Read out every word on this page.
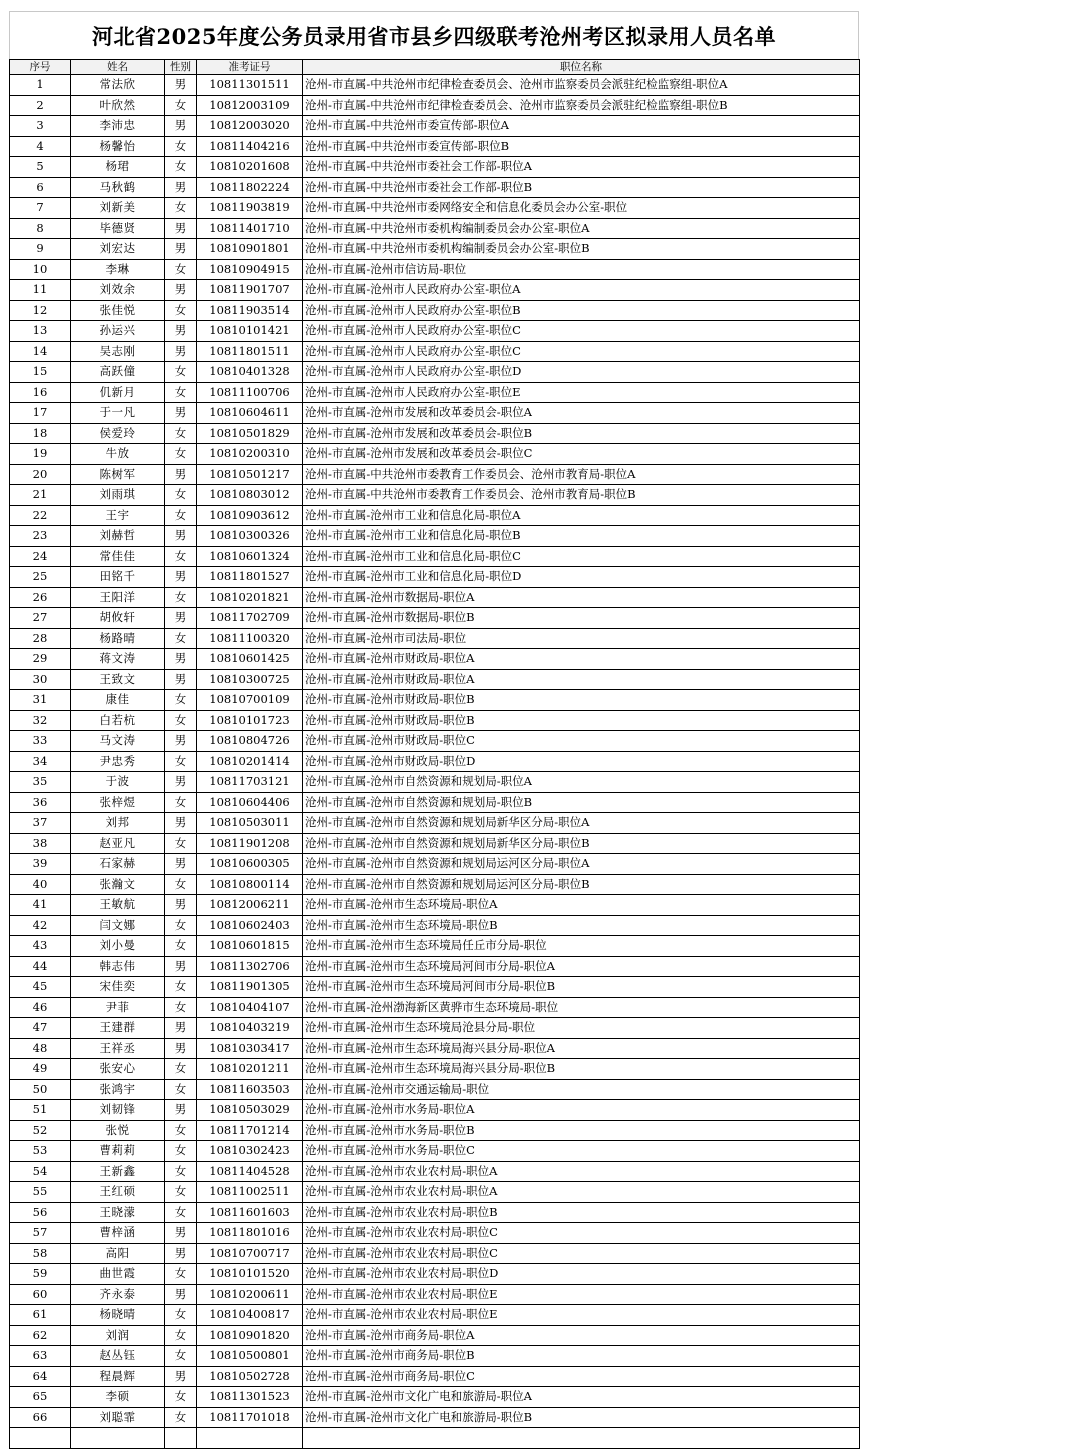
河北省2025年度公务员录用省市县乡四级联考沧州考区拟录用人员名单
序号	姓名	性别	准考证号	职位名称
1	常法欣	男	10811301511	沧州-市直属-中共沧州市纪律检查委员会、沧州市监察委员会派驻纪检监察组-职位A
2	叶欣然	女	10812003109	沧州-市直属-中共沧州市纪律检查委员会、沧州市监察委员会派驻纪检监察组-职位B
3	李沛忠	男	10812003020	沧州-市直属-中共沧州市委宣传部-职位A
4	杨馨怡	女	10811404216	沧州-市直属-中共沧州市委宣传部-职位B
5	杨珺	女	10810201608	沧州-市直属-中共沧州市委社会工作部-职位A
6	马秋鹤	男	10811802224	沧州-市直属-中共沧州市委社会工作部-职位B
7	刘新美	女	10811903819	沧州-市直属-中共沧州市委网络安全和信息化委员会办公室-职位
8	毕德贤	男	10811401710	沧州-市直属-中共沧州市委机构编制委员会办公室-职位A
9	刘宏达	男	10810901801	沧州-市直属-中共沧州市委机构编制委员会办公室-职位B
10	李琳	女	10810904915	沧州-市直属-沧州市信访局-职位
11	刘效余	男	10811901707	沧州-市直属-沧州市人民政府办公室-职位A
12	张佳悦	女	10811903514	沧州-市直属-沧州市人民政府办公室-职位B
13	孙运兴	男	10810101421	沧州-市直属-沧州市人民政府办公室-职位C
14	吴志刚	男	10811801511	沧州-市直属-沧州市人民政府办公室-职位C
15	高跃僮	女	10810401328	沧州-市直属-沧州市人民政府办公室-职位D
16	仉新月	女	10811100706	沧州-市直属-沧州市人民政府办公室-职位E
17	于一凡	男	10810604611	沧州-市直属-沧州市发展和改革委员会-职位A
18	侯爱玲	女	10810501829	沧州-市直属-沧州市发展和改革委员会-职位B
19	牛放	女	10810200310	沧州-市直属-沧州市发展和改革委员会-职位C
20	陈树军	男	10810501217	沧州-市直属-中共沧州市委教育工作委员会、沧州市教育局-职位A
21	刘雨琪	女	10810803012	沧州-市直属-中共沧州市委教育工作委员会、沧州市教育局-职位B
22	王宇	女	10810903612	沧州-市直属-沧州市工业和信息化局-职位A
23	刘赫哲	男	10810300326	沧州-市直属-沧州市工业和信息化局-职位B
24	常佳佳	女	10810601324	沧州-市直属-沧州市工业和信息化局-职位C
25	田铭千	男	10811801527	沧州-市直属-沧州市工业和信息化局-职位D
26	王阳洋	女	10810201821	沧州-市直属-沧州市数据局-职位A
27	胡攸轩	男	10811702709	沧州-市直属-沧州市数据局-职位B
28	杨路晴	女	10811100320	沧州-市直属-沧州市司法局-职位
29	蒋文涛	男	10810601425	沧州-市直属-沧州市财政局-职位A
30	王致文	男	10810300725	沧州-市直属-沧州市财政局-职位A
31	康佳	女	10810700109	沧州-市直属-沧州市财政局-职位B
32	白若杭	女	10810101723	沧州-市直属-沧州市财政局-职位B
33	马文涛	男	10810804726	沧州-市直属-沧州市财政局-职位C
34	尹忠秀	女	10810201414	沧州-市直属-沧州市财政局-职位D
35	于波	男	10811703121	沧州-市直属-沧州市自然资源和规划局-职位A
36	张梓煜	女	10810604406	沧州-市直属-沧州市自然资源和规划局-职位B
37	刘邦	男	10810503011	沧州-市直属-沧州市自然资源和规划局新华区分局-职位A
38	赵亚凡	女	10811901208	沧州-市直属-沧州市自然资源和规划局新华区分局-职位B
39	石家赫	男	10810600305	沧州-市直属-沧州市自然资源和规划局运河区分局-职位A
40	张瀚文	女	10810800114	沧州-市直属-沧州市自然资源和规划局运河区分局-职位B
41	王敏航	男	10812006211	沧州-市直属-沧州市生态环境局-职位A
42	闫文娜	女	10810602403	沧州-市直属-沧州市生态环境局-职位B
43	刘小曼	女	10810601815	沧州-市直属-沧州市生态环境局任丘市分局-职位
44	韩志伟	男	10811302706	沧州-市直属-沧州市生态环境局河间市分局-职位A
45	宋佳奕	女	10811901305	沧州-市直属-沧州市生态环境局河间市分局-职位B
46	尹菲	女	10810404107	沧州-市直属-沧州渤海新区黄骅市生态环境局-职位
47	王建群	男	10810403219	沧州-市直属-沧州市生态环境局沧县分局-职位
48	王祥丞	男	10810303417	沧州-市直属-沧州市生态环境局海兴县分局-职位A
49	张安心	女	10810201211	沧州-市直属-沧州市生态环境局海兴县分局-职位B
50	张鸿宇	女	10811603503	沧州-市直属-沧州市交通运输局-职位
51	刘韧锋	男	10810503029	沧州-市直属-沧州市水务局-职位A
52	张悦	女	10811701214	沧州-市直属-沧州市水务局-职位B
53	曹莉莉	女	10810302423	沧州-市直属-沧州市水务局-职位C
54	王新鑫	女	10811404528	沧州-市直属-沧州市农业农村局-职位A
55	王红硕	女	10811002511	沧州-市直属-沧州市农业农村局-职位A
56	王晓濛	女	10811601603	沧州-市直属-沧州市农业农村局-职位B
57	曹梓涵	男	10811801016	沧州-市直属-沧州市农业农村局-职位C
58	高阳	男	10810700717	沧州-市直属-沧州市农业农村局-职位C
59	曲世霞	女	10810101520	沧州-市直属-沧州市农业农村局-职位D
60	齐永泰	男	10810200611	沧州-市直属-沧州市农业农村局-职位E
61	杨晓晴	女	10810400817	沧州-市直属-沧州市农业农村局-职位E
62	刘润	女	10810901820	沧州-市直属-沧州市商务局-职位A
63	赵丛钰	女	10810500801	沧州-市直属-沧州市商务局-职位B
64	程晨辉	男	10810502728	沧州-市直属-沧州市商务局-职位C
65	李硕	女	10811301523	沧州-市直属-沧州市文化广电和旅游局-职位A
66	刘聪霏	女	10811701018	沧州-市直属-沧州市文化广电和旅游局-职位B
